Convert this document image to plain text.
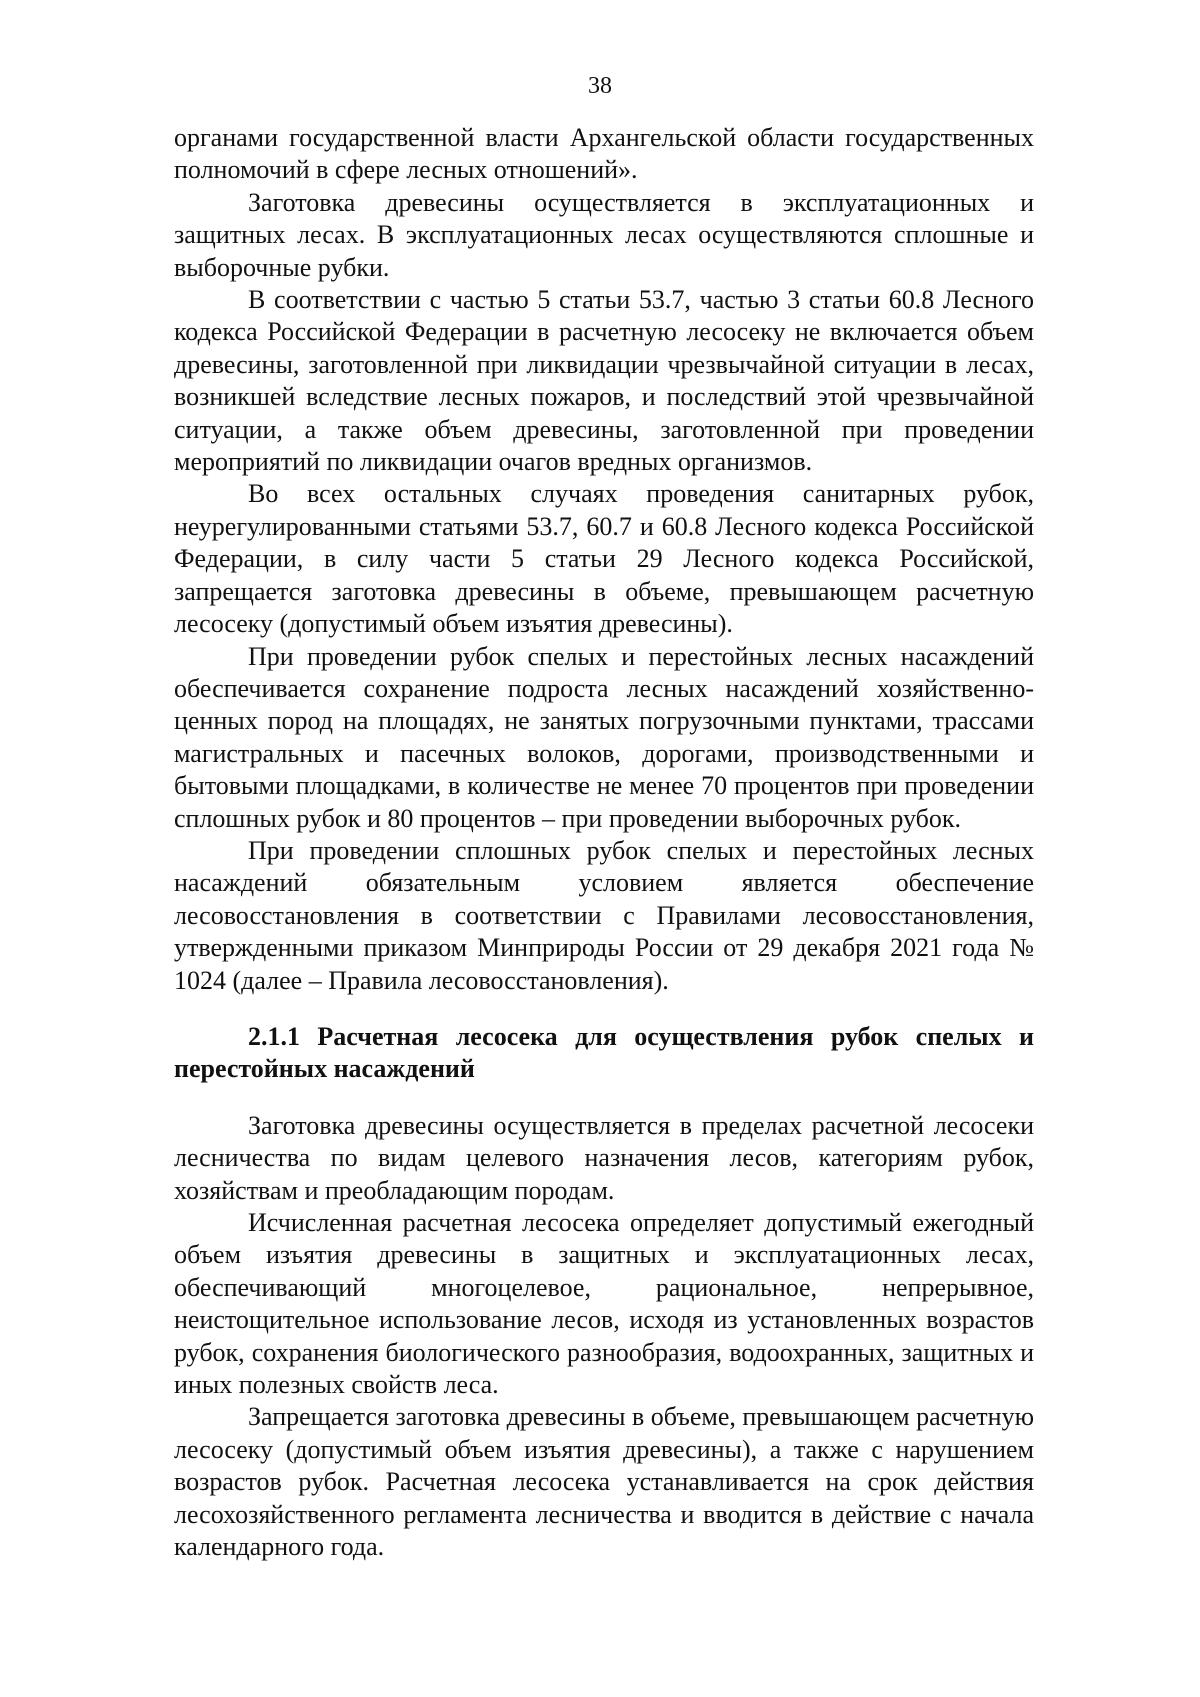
38

органами государственной власти Архангельской области государственных полномочий в сфере лесных отношений».

Заготовка древесины осуществляется в эксплуатационных и защитных лесах. В эксплуатационных лесах осуществляются сплошные и выборочные рубки.

В соответствии с частью 5 статьи 53.7, частью 3 статьи 60.8 Лесного кодекса Российской Федерации в расчетную лесосеку не включается объем древесины, заготовленной при ликвидации чрезвычайной ситуации в лесах, возникшей вследствие лесных пожаров, и последствий этой чрезвычайной ситуации, а также объем древесины, заготовленной при проведении мероприятий по ликвидации очагов вредных организмов.

Во всех остальных случаях проведения санитарных рубок, неурегулированными статьями 53.7, 60.7 и 60.8 Лесного кодекса Российской Федерации, в силу части 5 статьи 29 Лесного кодекса Российской, запрещается заготовка древесины в объеме, превышающем расчетную лесосеку (допустимый объем изъятия древесины).

При проведении рубок спелых и перестойных лесных насаждений обеспечивается сохранение подроста лесных насаждений хозяйственно-ценных пород на площадях, не занятых погрузочными пунктами, трассами магистральных и пасечных волоков, дорогами, производственными и бытовыми площадками, в количестве не менее 70 процентов при проведении сплошных рубок и 80 процентов – при проведении выборочных рубок.

При проведении сплошных рубок спелых и перестойных лесных насаждений обязательным условием является обеспечение лесовосстановления в соответствии с Правилами лесовосстановления, утвержденными приказом Минприроды России от 29 декабря 2021 года № 1024 (далее – Правила лесовосстановления).

2.1.1 Расчетная лесосека для осуществления рубок спелых и перестойных насаждений

Заготовка древесины осуществляется в пределах расчетной лесосеки лесничества по видам целевого назначения лесов, категориям рубок, хозяйствам и преобладающим породам.

Исчисленная расчетная лесосека определяет допустимый ежегодный объем изъятия древесины в защитных и эксплуатационных лесах, обеспечивающий многоцелевое, рациональное, непрерывное, неистощительное использование лесов, исходя из установленных возрастов рубок, сохранения биологического разнообразия, водоохранных, защитных и иных полезных свойств леса.

Запрещается заготовка древесины в объеме, превышающем расчетную лесосеку (допустимый объем изъятия древесины), а также с нарушением возрастов рубок. Расчетная лесосека устанавливается на срок действия лесохозяйственного регламента лесничества и вводится в действие с начала календарного года.
